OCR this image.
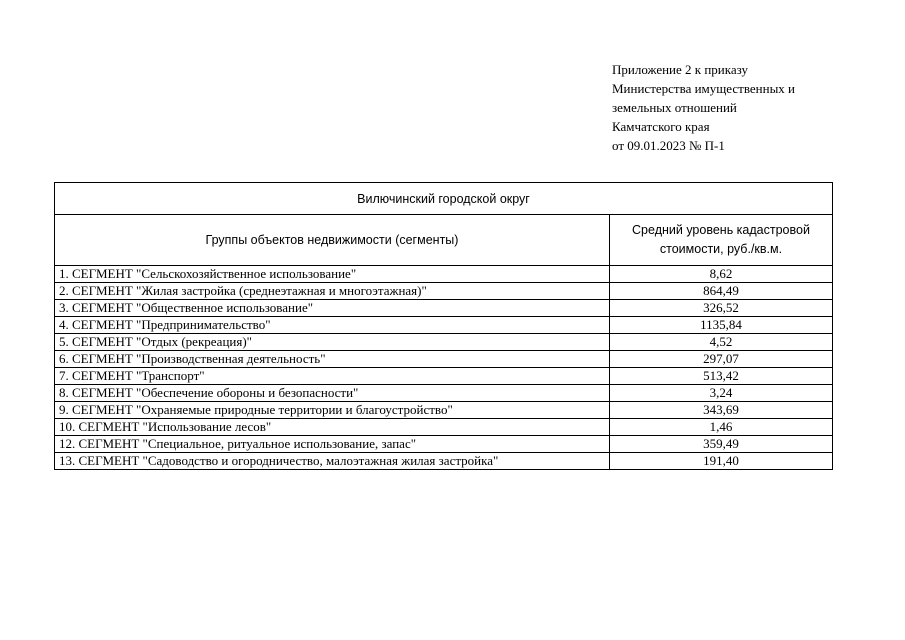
Приложение 2 к приказу
Министерства имущественных и
земельных отношений
Камчатского края
от 09.01.2023 № П-1
Вилючинский городской округ	
Группы объектов недвижимости (сегменты)	Средний уровень кадастровой стоимости, руб./кв.м.
1. СЕГМЕНТ "Сельскохозяйственное использование"	8,62
2. СЕГМЕНТ "Жилая застройка (среднеэтажная и многоэтажная)"	864,49
3. СЕГМЕНТ "Общественное использование"	326,52
4. СЕГМЕНТ "Предпринимательство"	1135,84
5. СЕГМЕНТ "Отдых (рекреация)"	4,52
6. СЕГМЕНТ "Производственная деятельность"	297,07
7. СЕГМЕНТ "Транспорт"	513,42
8. СЕГМЕНТ "Обеспечение обороны и безопасности"	3,24
9. СЕГМЕНТ "Охраняемые природные территории и благоустройство"	343,69
10. СЕГМЕНТ "Использование лесов"	1,46
12. СЕГМЕНТ "Специальное, ритуальное использование, запас"	359,49
13. СЕГМЕНТ "Садоводство и огородничество, малоэтажная жилая застройка"	191,40
